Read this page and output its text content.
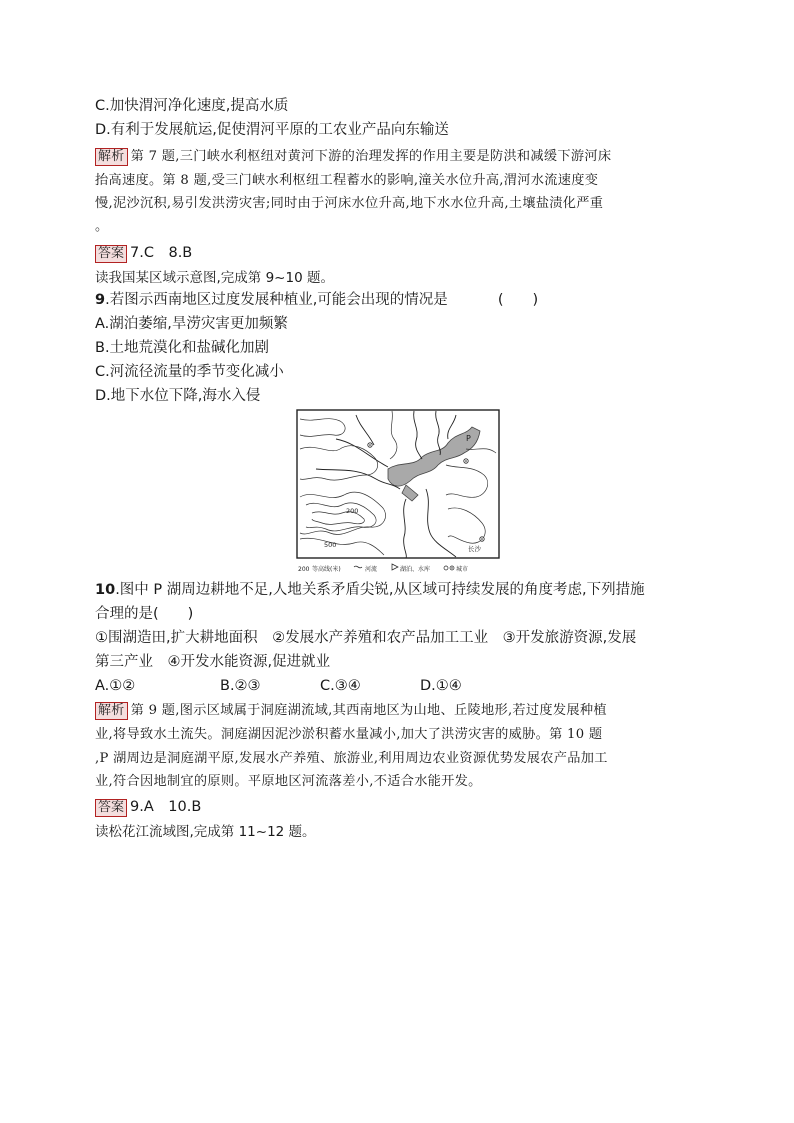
C.加快渭河净化速度,提高水质
D.有利于发展航运,促使渭河平原的工农业产品向东输送
解析 第 7 题,三门峡水利枢纽对黄河下游的治理发挥的作用主要是防洪和减缓下游河床
抬高速度。第 8 题,受三门峡水利枢纽工程蓄水的影响,潼关水位升高,渭河水流速度变
慢,泥沙沉积,易引发洪涝灾害;同时由于河床水位升高,地下水水位升高,土壤盐渍化严重
。
答案 7.C　8.B
读我国某区域示意图,完成第 9~10 题。
9.若图示西南地区过度发展种植业,可能会出现的情况是	(　　)
A.湖泊萎缩,旱涝灾害更加频繁
B.土地荒漠化和盐碱化加剧
C.河流径流量的季节变化减小
D.地下水位下降,海水入侵
P
200
500	长沙
200 等高线(米)	河流	湖泊、水库	城市
10.图中 P 湖周边耕地不足,人地关系矛盾尖锐,从区域可持续发展的角度考虑,下列措施
合理的是(　　)
①围湖造田,扩大耕地面积　②发展水产养殖和农产品加工工业　③开发旅游资源,发展
第三产业　④开发水能资源,促进就业
A.①②	B.②③	C.③④	D.①④
解析 第 9 题,图示区域属于洞庭湖流域,其西南地区为山地、丘陵地形,若过度发展种植
业,将导致水土流失。洞庭湖因泥沙淤积蓄水量减小,加大了洪涝灾害的威胁。第 10 题
,P 湖周边是洞庭湖平原,发展水产养殖、旅游业,利用周边农业资源优势发展农产品加工
业,符合因地制宜的原则。平原地区河流落差小,不适合水能开发。
答案 9.A　10.B
读松花江流域图,完成第 11~12 题。
